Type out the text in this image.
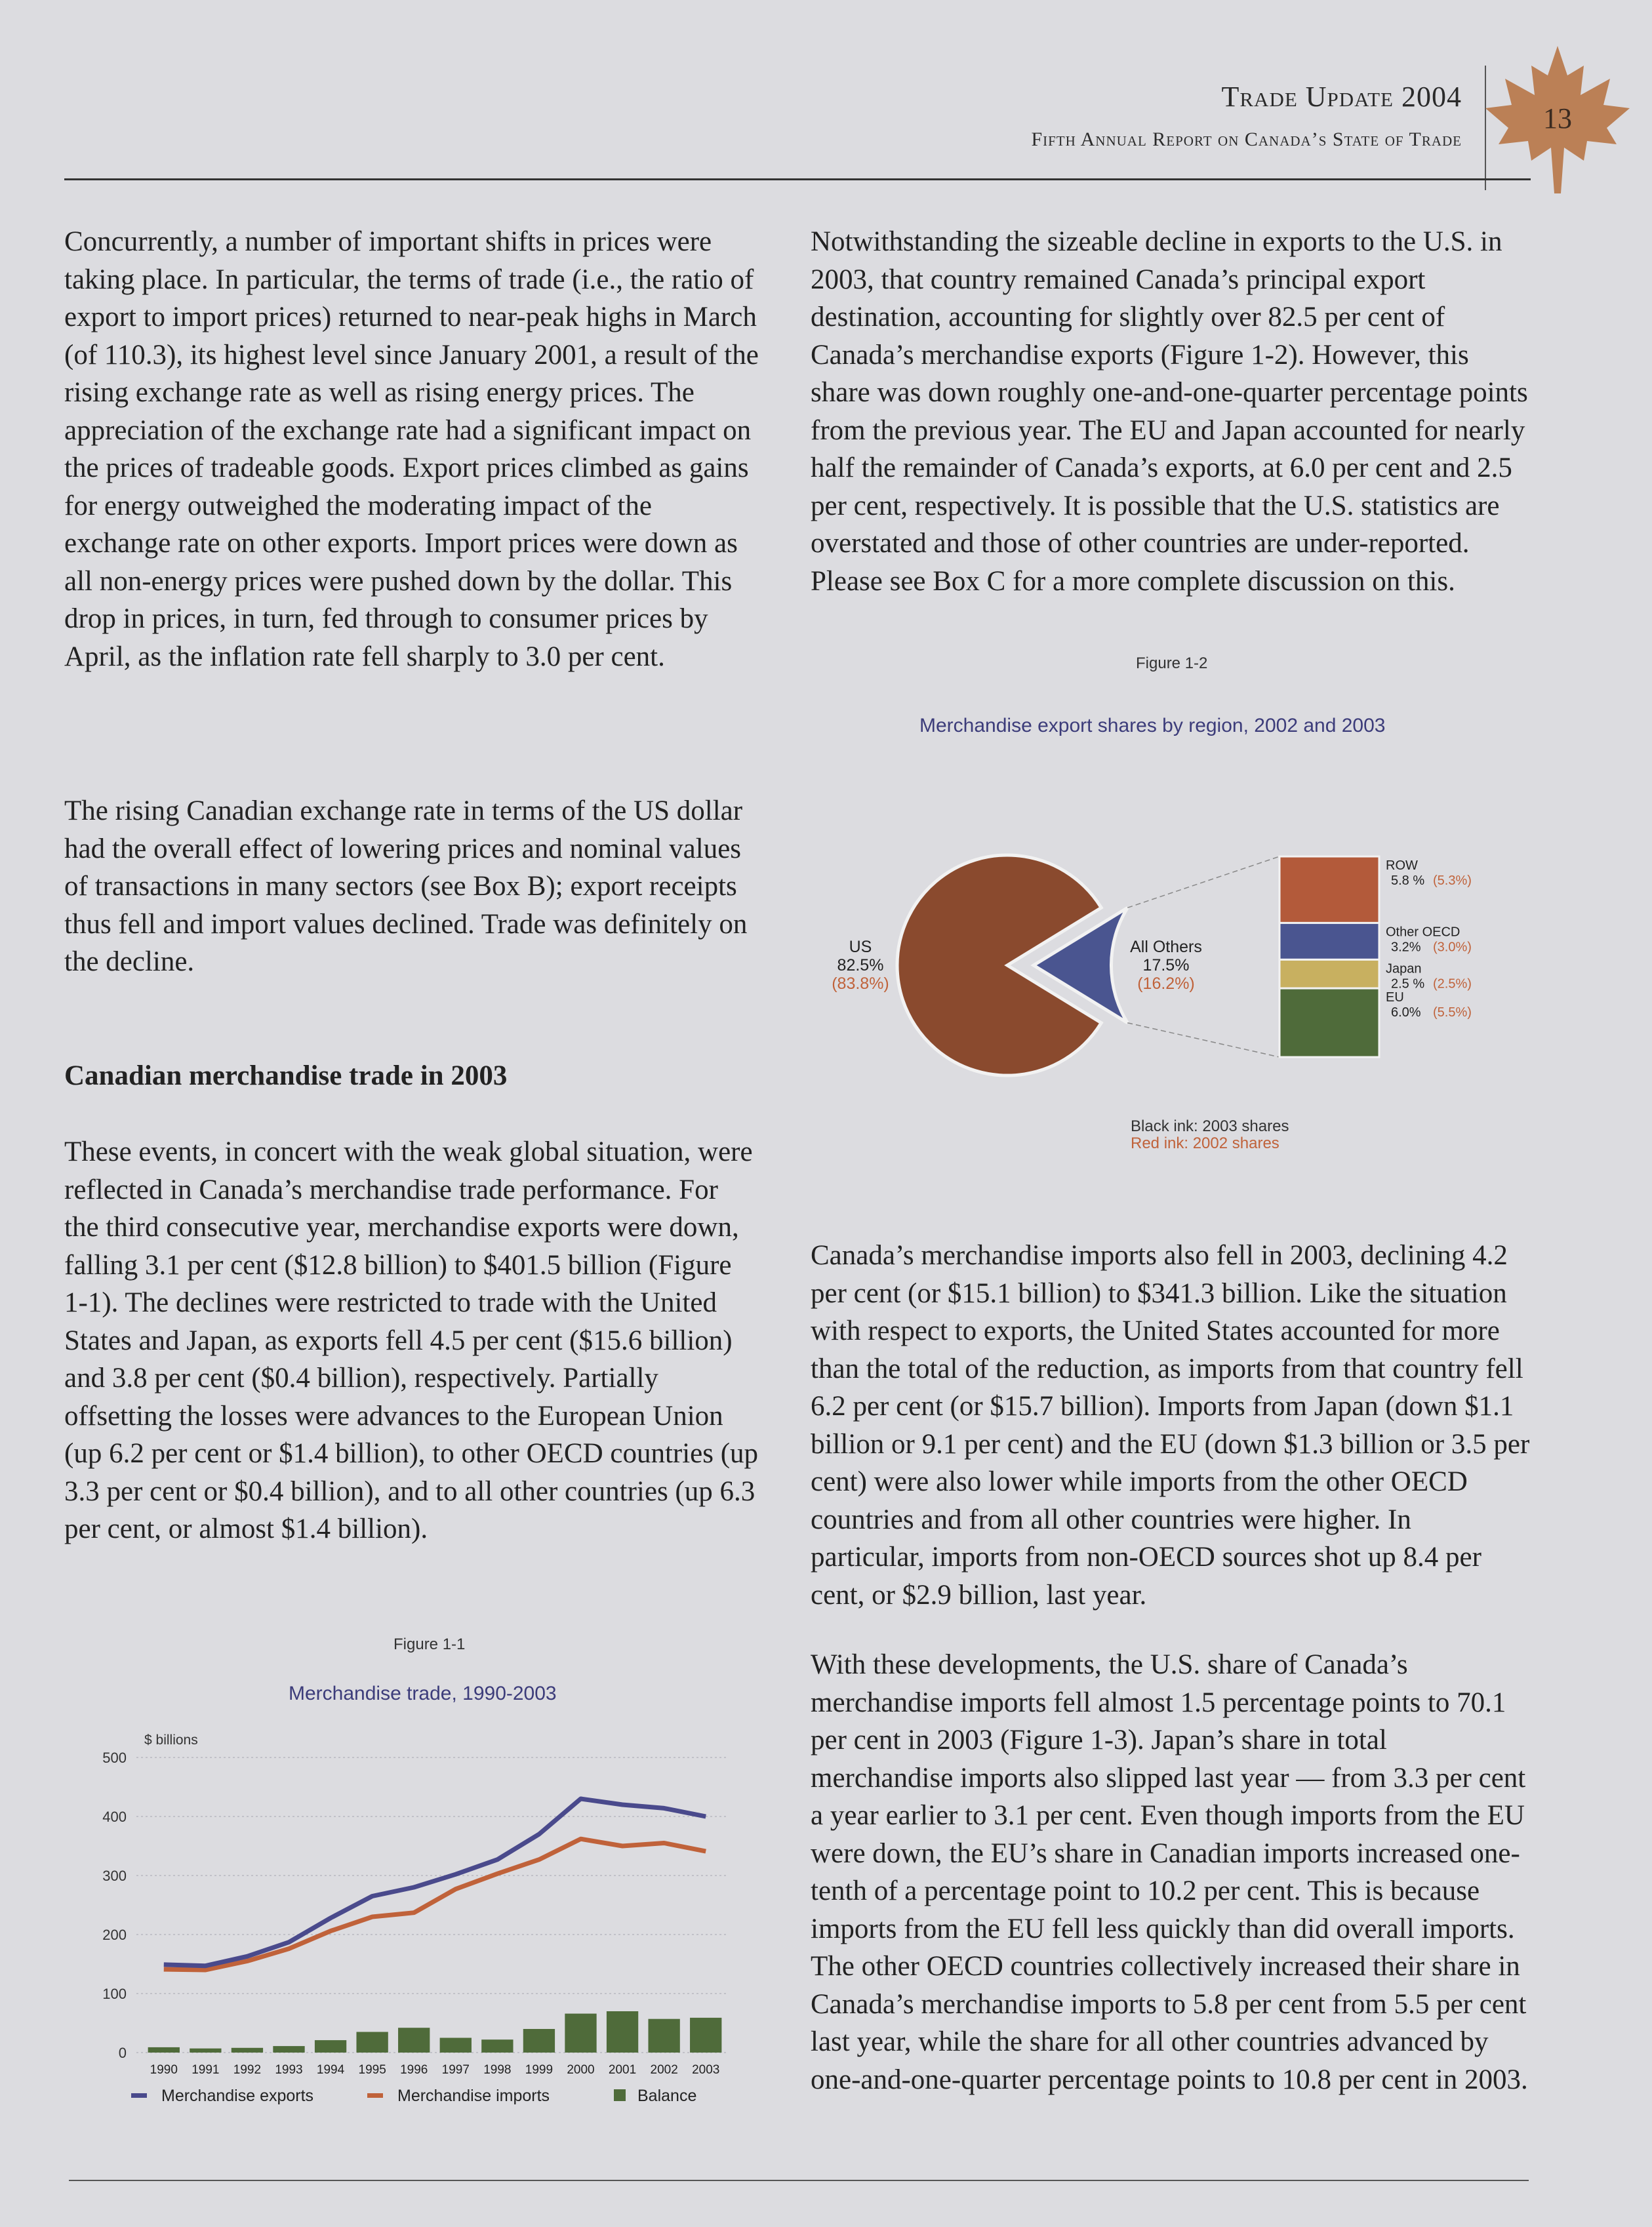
Trade Update 2004
Fifth Annual Report on Canada’s State of Trade
13

Concurrently, a number of important shifts in prices were taking place. In particular, the terms of trade (i.e., the ratio of export to import prices) returned to near-peak highs in March (of 110.3), its highest level since January 2001, a result of the rising exchange rate as well as rising energy prices. The appreciation of the exchange rate had a significant impact on the prices of tradeable goods. Export prices climbed as gains for energy outweighed the moderating impact of the exchange rate on other exports. Import prices were down as all non-energy prices were pushed down by the dollar. This drop in prices, in turn, fed through to consumer prices by April, as the inflation rate fell sharply to 3.0 per cent.

The rising Canadian exchange rate in terms of the US dollar had the overall effect of lowering prices and nominal values of transactions in many sectors (see Box B); export receipts thus fell and import values declined. Trade was definitely on the decline.

Canadian merchandise trade in 2003

These events, in concert with the weak global situation, were reflected in Canada’s merchandise trade performance. For the third consecutive year, merchandise exports were down, falling 3.1 per cent ($12.8 billion) to $401.5 billion (Figure 1-1). The declines were restricted to trade with the United States and Japan, as exports fell 4.5 per cent ($15.6 billion) and 3.8 per cent ($0.4 billion), respectively. Partially offsetting the losses were advances to the European Union (up 6.2 per cent or $1.4 billion), to other OECD countries (up 3.3 per cent or $0.4 billion), and to all other countries (up 6.3 per cent, or almost $1.4 billion).

Notwithstanding the sizeable decline in exports to the U.S. in 2003, that country remained Canada’s principal export destination, accounting for slightly over 82.5 per cent of Canada’s merchandise exports (Figure 1-2). However, this share was down roughly one-and-one-quarter percentage points from the previous year. The EU and Japan accounted for nearly half the remainder of Canada’s exports, at 6.0 per cent and 2.5 per cent, respectively. It is possible that the U.S. statistics are overstated and those of other countries are under-reported. Please see Box C for a more complete discussion on this.

Canada’s merchandise imports also fell in 2003, declining 4.2 per cent (or $15.1 billion) to $341.3 billion. Like the situation with respect to exports, the United States accounted for more than the total of the reduction, as imports from that country fell 6.2 per cent (or $15.7 billion). Imports from Japan (down $1.1 billion or 9.1 per cent) and the EU (down $1.3 billion or 3.5 per cent) were also lower while imports from the other OECD countries and from all other countries were higher. In particular, imports from non-OECD sources shot up 8.4 per cent, or $2.9 billion, last year.

With these developments, the U.S. share of Canada’s merchandise imports fell almost 1.5 percentage points to 70.1 per cent in 2003 (Figure 1-3). Japan’s share in total merchandise imports also slipped last year — from 3.3 per cent a year earlier to 3.1 per cent. Even though imports from the EU were down, the EU’s share in Canadian imports increased one-tenth of a percentage point to 10.2 per cent. This is because imports from the EU fell less quickly than did overall imports. The other OECD countries collectively increased their share in Canada’s merchandise imports to 5.8 per cent from 5.5 per cent last year, while the share for all other countries advanced by one-and-one-quarter percentage points to 10.8 per cent in 2003.

Figure 1-2
Merchandise export shares by region, 2002 and 2003
ROW
5.8 % (5.3%)
Other OECD
3.2% (3.0%)
Japan
2.5 % (2.5%)
EU
6.0% (5.5%)
US
82.5%
(83.8%)
All Others
17.5%
(16.2%)
Black ink: 2003 shares
Red ink: 2002 shares
Figure 1-1
Merchandise trade, 1990-2003
0
100
200
300
400
500
$ billions
1990 1991 1992 1993 1994 1995 1996 1997 1998 1999 2000 2001 2002 2003
Merchandise exports	Merchandise imports	Balance
